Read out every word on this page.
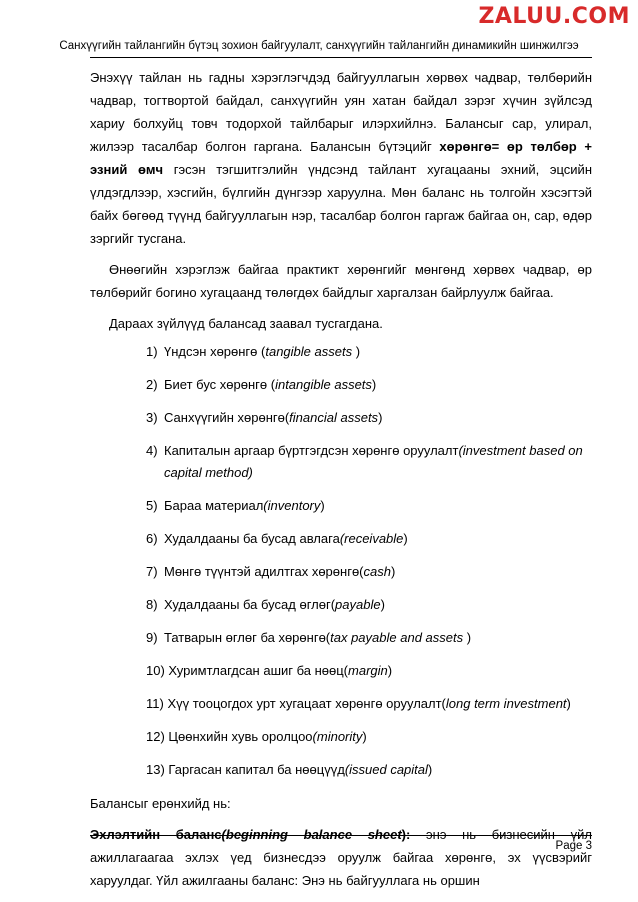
ZALUU.COM
Санхүүгийн тайлангийн бүтэц зохион байгуулалт, санхүүгийн тайлангийн динамикийн шинжилгээ

Энэхүү тайлан нь гадны хэрэглэгчдэд байгууллагын хөрвөх чадвар, төлбөрийн чадвар, тогтвортой байдал, санхүүгийн уян хатан байдал зэрэг хүчин зүйлсэд хариу болхуйц товч тодорхой тайлбарыг илэрхийлнэ. Балансыг сар, улирал, жилээр тасалбар болгон гаргана. Балансын бүтэцийг хөрөнгө= өр төлбөр + эзний өмч гэсэн тэгшитгэлийн үндсэнд тайлант хугацааны эхний, эцсийн үлдэгдлээр, хэсгийн, бүлгийн дүнгээр харуулна. Мөн баланс нь толгойн хэсэгтэй байх бөгөөд түүнд байгууллагын нэр, тасалбар болгон гаргаж байгаа он, сар, өдөр зэргийг тусгана.

Өнөөгийн хэрэглэж байгаа практикт хөрөнгийг мөнгөнд хөрвөх чадвар, өр төлбөрийг богино хугацаанд төлөгдөх байдлыг харгалзан байрлуулж байгаа.

Дараах зүйлүүд балансад заавал тусгагдана.

1) Үндсэн хөрөнгө (tangible assets )
2) Биет бус хөрөнгө (intangible assets)
3) Санхүүгийн хөрөнгө(financial assets)
4) Капиталын аргаар бүртгэгдсэн хөрөнгө оруулалт(investment based on capital method)
5) Бараа материал(inventory)
6) Худалдааны ба бусад авлага(receivable)
7) Мөнгө түүнтэй адилтгах хөрөнгө(cash)
8) Худалдааны ба бусад өглөг(payable)
9) Татварын өглөг ба хөрөнгө(tax payable and assets )
10) Хуримтлагдсан ашиг ба нөөц(margin)
11) Хүү тооцогдох урт хугацаат хөрөнгө оруулалт(long term investment)
12) Цөөнхийн хувь оролцоо(minority)
13) Гаргасан капитал ба нөөцүүд(issued capital)

Балансыг ерөнхийд нь:

Эхлэлтийн баланс(beginning balance sheet): энэ нь бизнесийн үйл ажиллагаагаа эхлэх үед бизнесдээ оруулж байгаа хөрөнгө, эх үүсвэрийг харуулдаг. Үйл ажилгааны баланс: Энэ нь байгууллага нь оршин

Page 3
